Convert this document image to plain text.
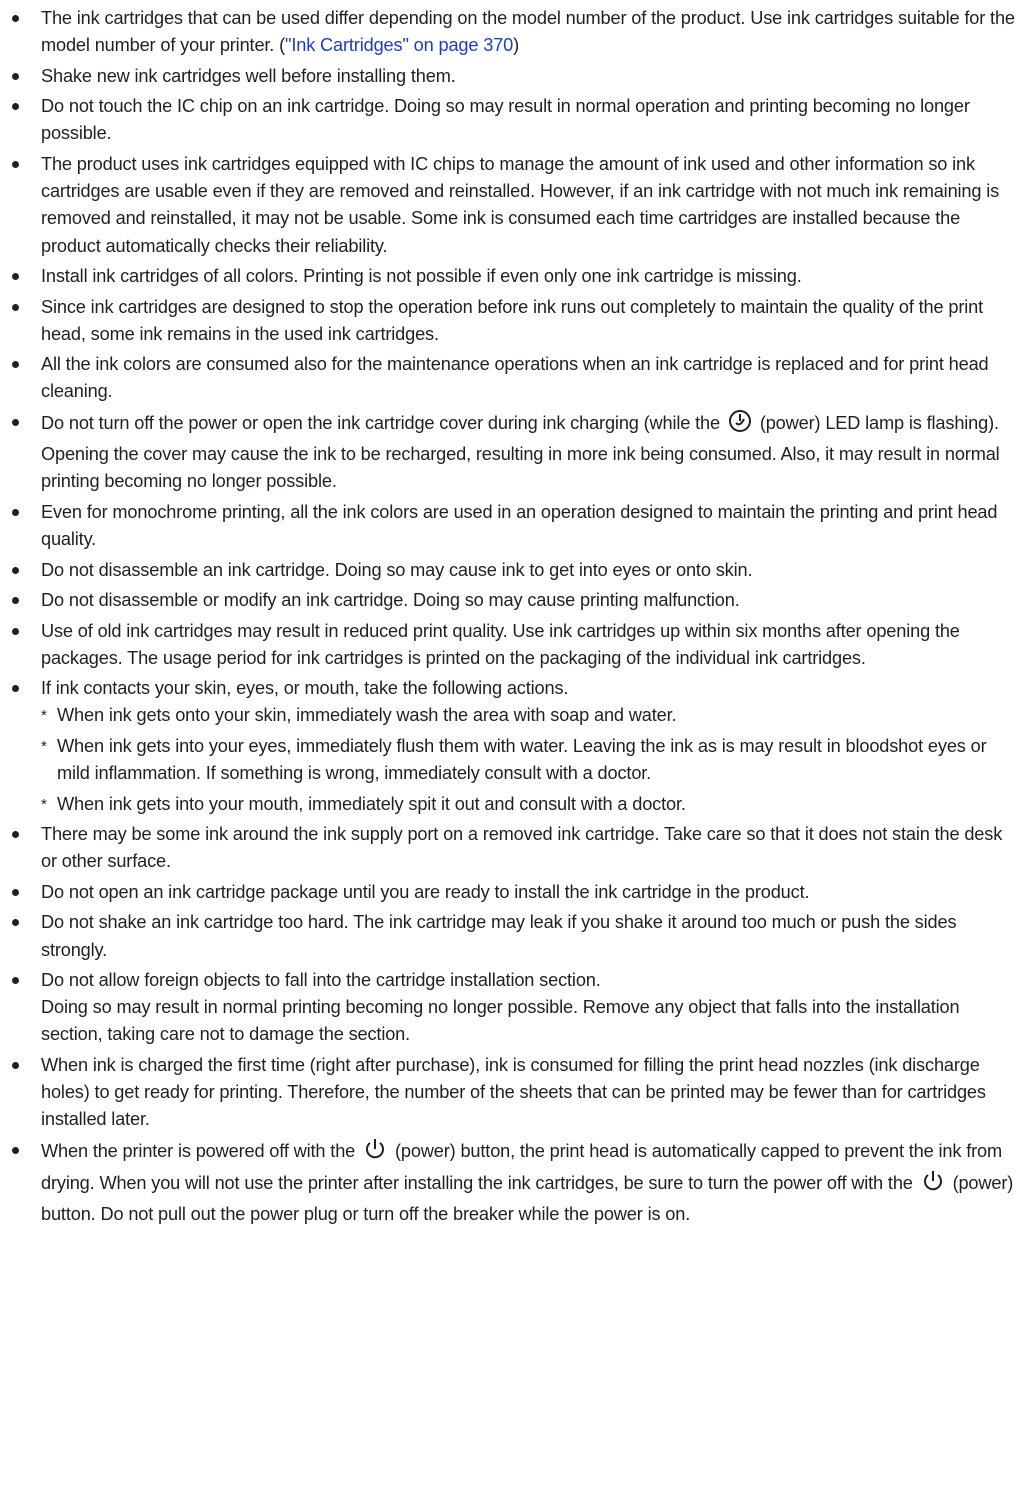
The ink cartridges that can be used differ depending on the model number of the product. Use ink cartridges suitable for the model number of your printer. ("Ink Cartridges" on page 370)
Shake new ink cartridges well before installing them.
Do not touch the IC chip on an ink cartridge. Doing so may result in normal operation and printing becoming no longer possible.
The product uses ink cartridges equipped with IC chips to manage the amount of ink used and other information so ink cartridges are usable even if they are removed and reinstalled. However, if an ink cartridge with not much ink remaining is removed and reinstalled, it may not be usable. Some ink is consumed each time cartridges are installed because the product automatically checks their reliability.
Install ink cartridges of all colors. Printing is not possible if even only one ink cartridge is missing.
Since ink cartridges are designed to stop the operation before ink runs out completely to maintain the quality of the print head, some ink remains in the used ink cartridges.
All the ink colors are consumed also for the maintenance operations when an ink cartridge is replaced and for print head cleaning.
Do not turn off the power or open the ink cartridge cover during ink charging (while the (power) LED lamp is flashing). Opening the cover may cause the ink to be recharged, resulting in more ink being consumed. Also, it may result in normal printing becoming no longer possible.
Even for monochrome printing, all the ink colors are used in an operation designed to maintain the printing and print head quality.
Do not disassemble an ink cartridge. Doing so may cause ink to get into eyes or onto skin.
Do not disassemble or modify an ink cartridge. Doing so may cause printing malfunction.
Use of old ink cartridges may result in reduced print quality. Use ink cartridges up within six months after opening the packages. The usage period for ink cartridges is printed on the packaging of the individual ink cartridges.
If ink contacts your skin, eyes, or mouth, take the following actions.
* When ink gets onto your skin, immediately wash the area with soap and water.
* When ink gets into your eyes, immediately flush them with water. Leaving the ink as is may result in bloodshot eyes or mild inflammation. If something is wrong, immediately consult with a doctor.
* When ink gets into your mouth, immediately spit it out and consult with a doctor.
There may be some ink around the ink supply port on a removed ink cartridge. Take care so that it does not stain the desk or other surface.
Do not open an ink cartridge package until you are ready to install the ink cartridge in the product.
Do not shake an ink cartridge too hard. The ink cartridge may leak if you shake it around too much or push the sides strongly.
Do not allow foreign objects to fall into the cartridge installation section.
Doing so may result in normal printing becoming no longer possible. Remove any object that falls into the installation section, taking care not to damage the section.
When ink is charged the first time (right after purchase), ink is consumed for filling the print head nozzles (ink discharge holes) to get ready for printing. Therefore, the number of the sheets that can be printed may be fewer than for cartridges installed later.
When the printer is powered off with the (power) button, the print head is automatically capped to prevent the ink from drying. When you will not use the printer after installing the ink cartridges, be sure to turn the power off with the (power) button. Do not pull out the power plug or turn off the breaker while the power is on.
